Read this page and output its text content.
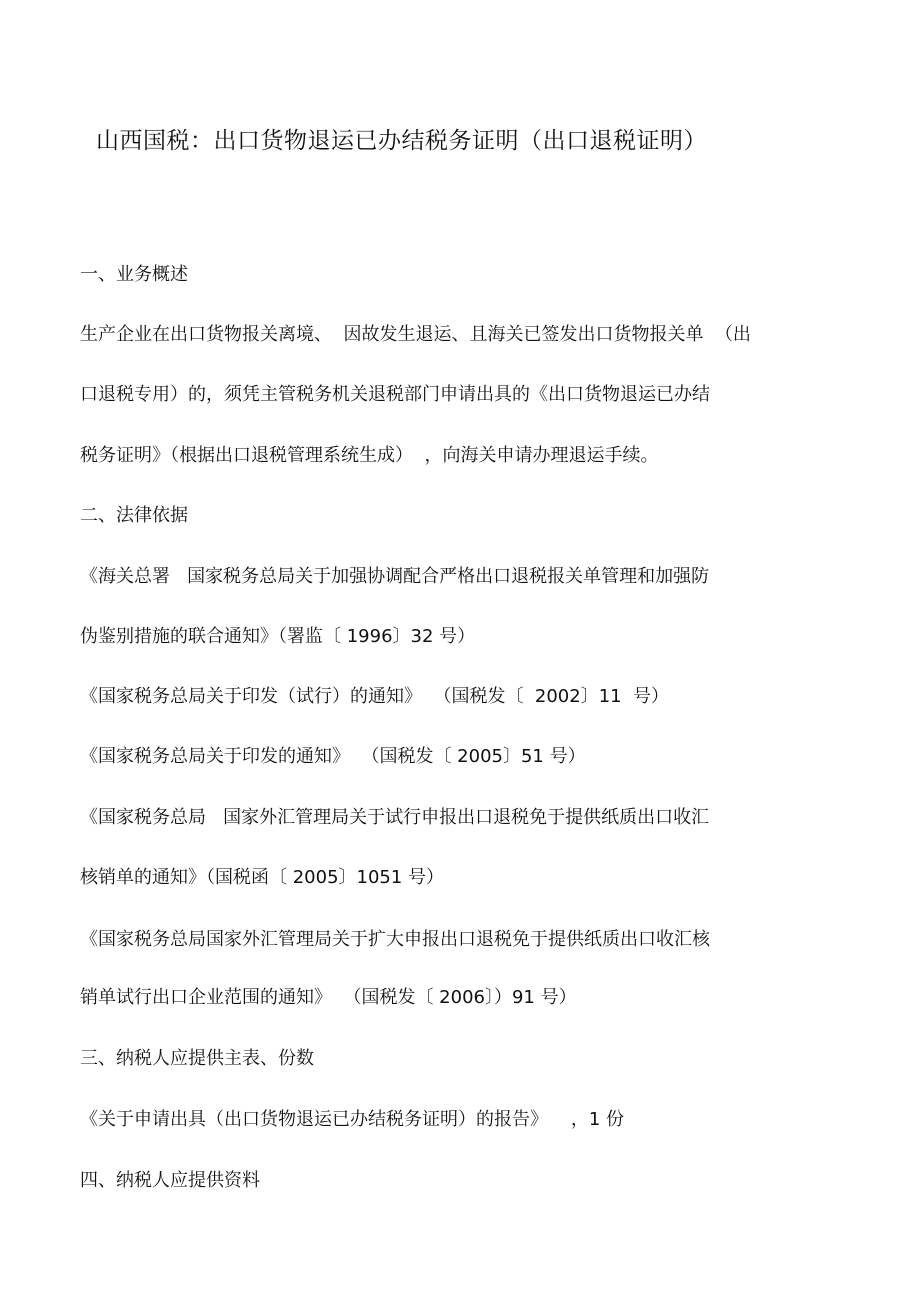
山西国税：出口货物退运已办结税务证明（出口退税证明）
一、业务概述
生产企业在出口货物报关离境、  因故发生退运、且海关已签发出口货物报关单  （出
口退税专用）的，须凭主管税务机关退税部门申请出具的《出口货物退运已办结
税务证明》（根据出口退税管理系统生成）  ，向海关申请办理退运手续。
二、法律依据
《海关总署   国家税务总局关于加强协调配合严格出口退税报关单管理和加强防
伪鉴别措施的联合通知》（署监〔 1996〕32 号）
《国家税务总局关于印发（试行）的通知》  （国税发〔  2002〕11  号）
《国家税务总局关于印发的通知》  （国税发〔 2005〕51 号）
《国家税务总局   国家外汇管理局关于试行申报出口退税免于提供纸质出口收汇
核销单的通知》（国税函〔 2005〕1051 号）
《国家税务总局国家外汇管理局关于扩大申报出口退税免于提供纸质出口收汇核
销单试行出口企业范围的通知》  （国税发〔 2006〕）91 号）
三、纳税人应提供主表、份数
《关于申请出具（出口货物退运已办结税务证明）的报告》    ，1 份
四、纳税人应提供资料
